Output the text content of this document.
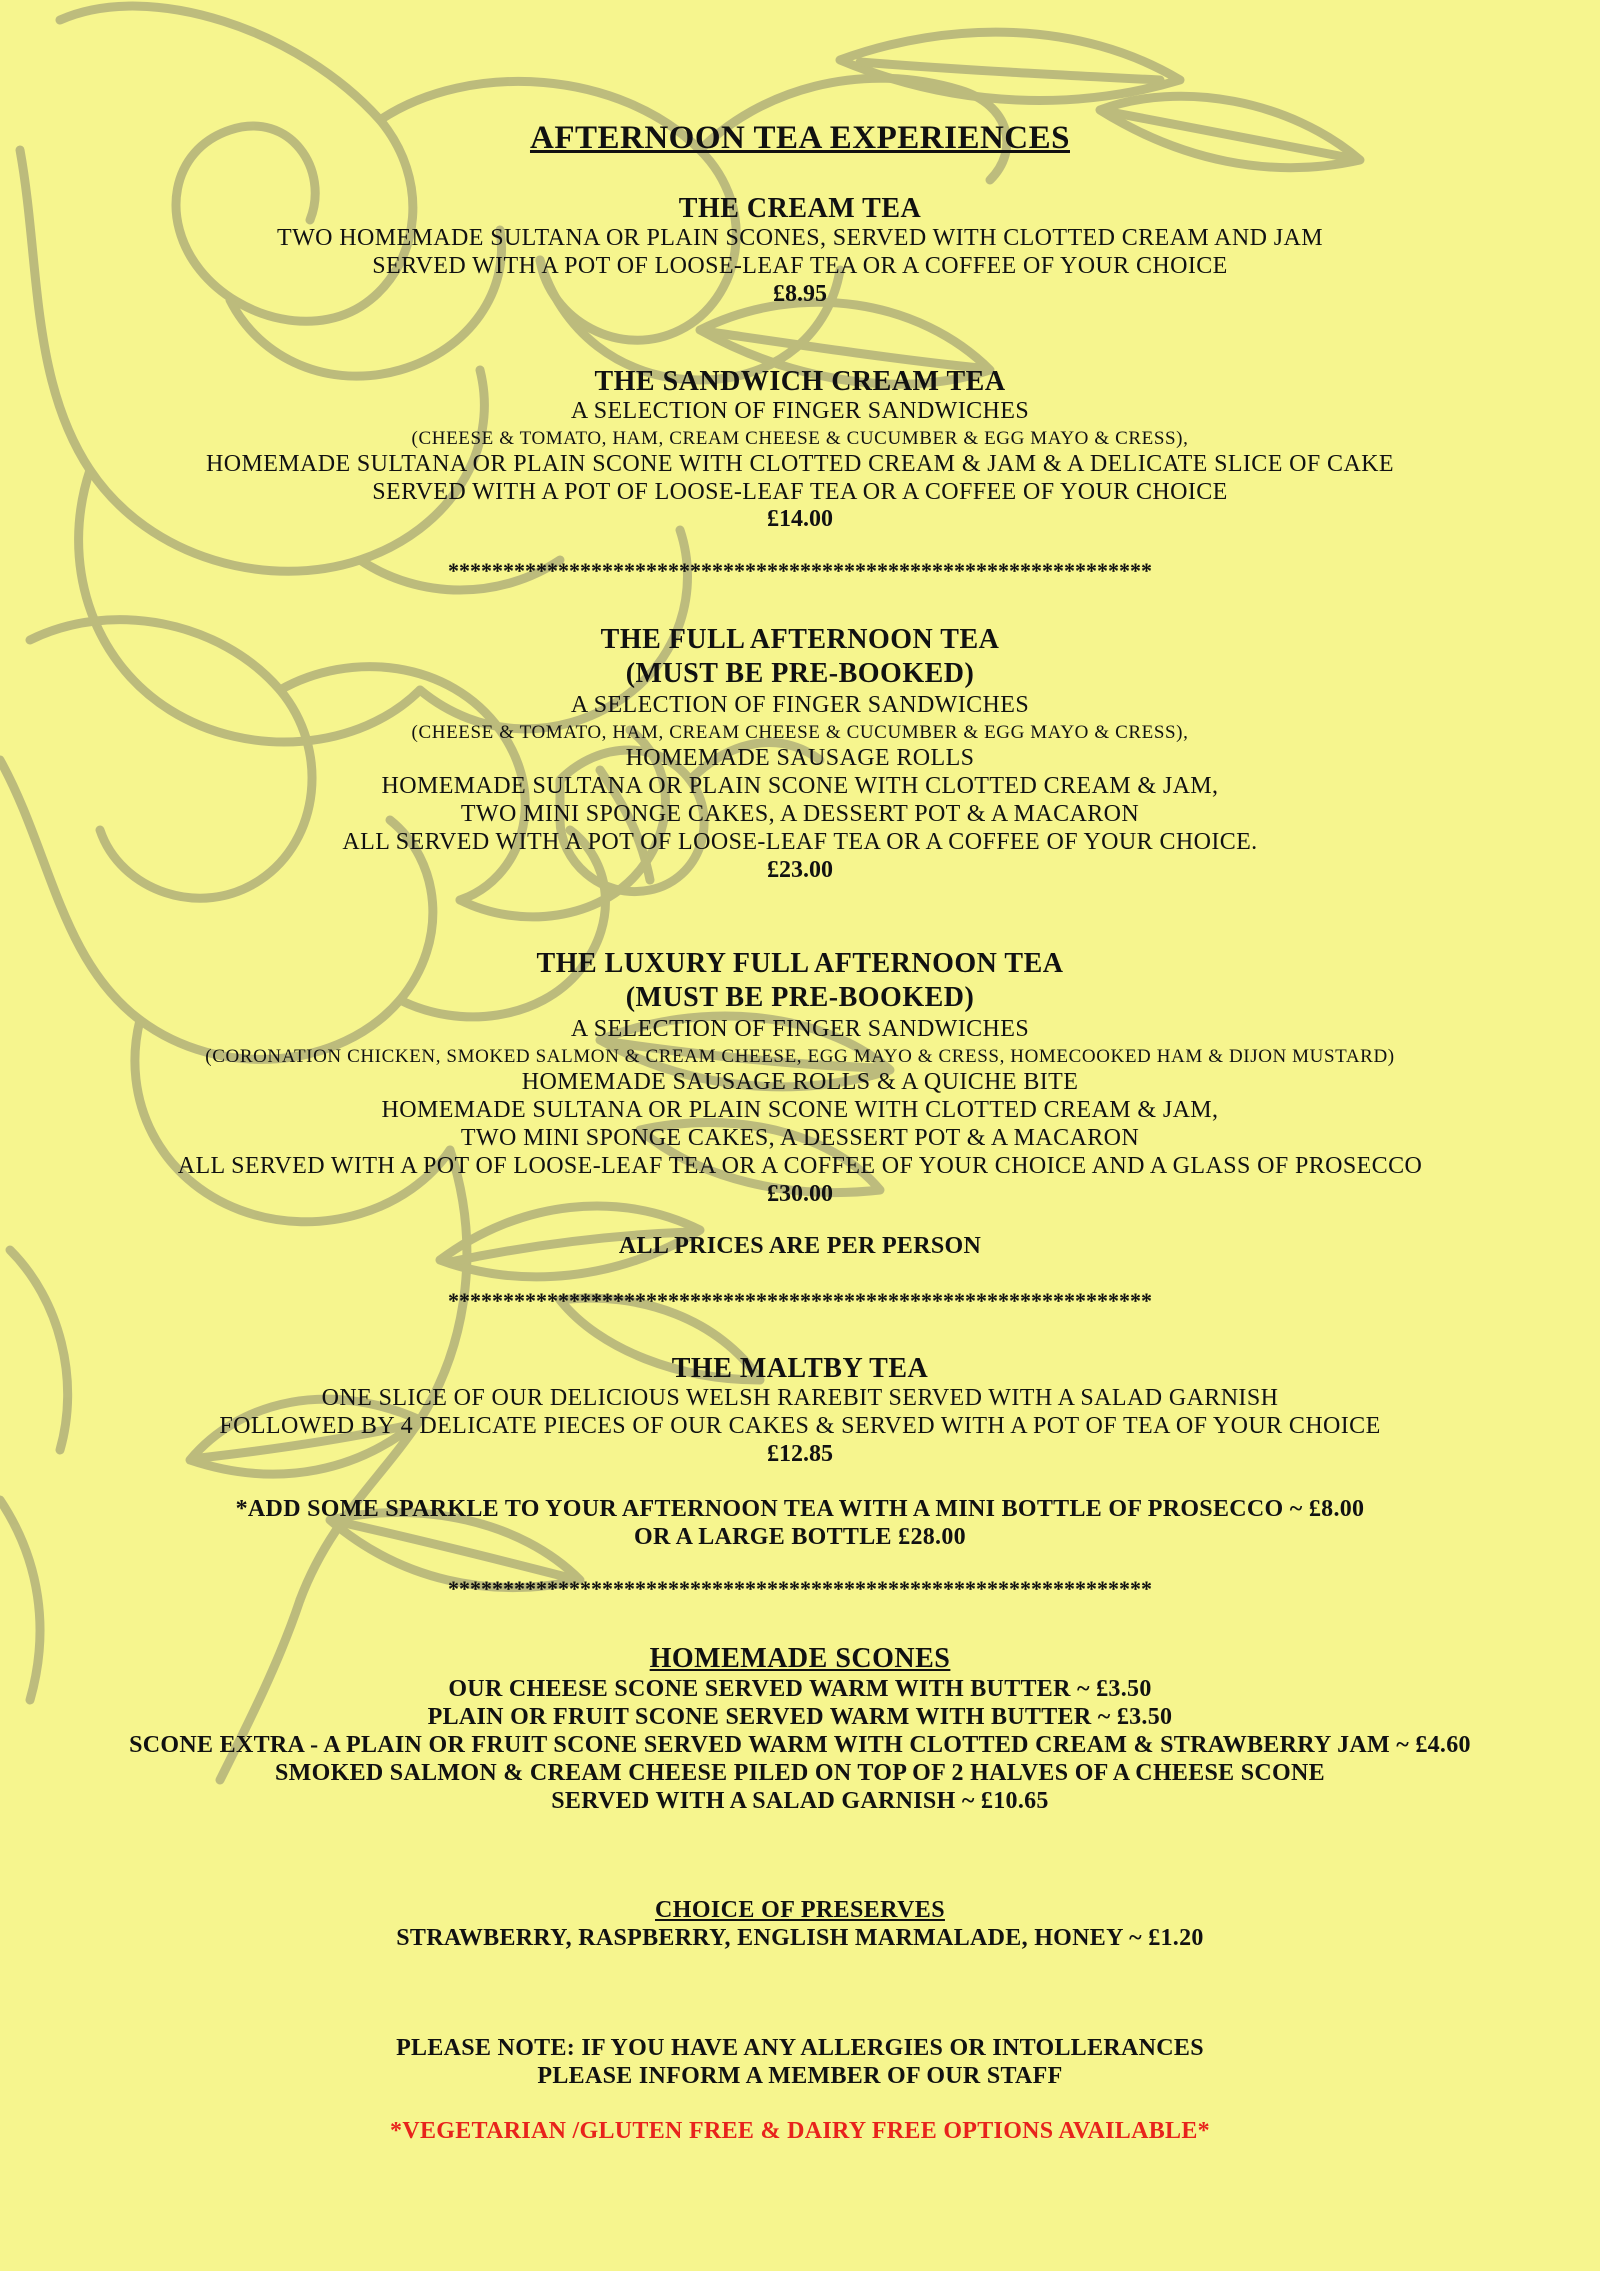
AFTERNOON TEA EXPERIENCES
THE CREAM TEA
TWO HOMEMADE SULTANA OR PLAIN SCONES, SERVED WITH CLOTTED CREAM AND JAM
SERVED WITH A POT OF LOOSE-LEAF TEA OR A COFFEE OF YOUR CHOICE
£8.95
THE SANDWICH CREAM TEA
A SELECTION OF FINGER SANDWICHES
(CHEESE & TOMATO, HAM, CREAM CHEESE & CUCUMBER & EGG MAYO & CRESS),
HOMEMADE SULTANA OR PLAIN SCONE WITH CLOTTED CREAM & JAM & A DELICATE SLICE OF CAKE
SERVED WITH A POT OF LOOSE-LEAF TEA OR A COFFEE OF YOUR CHOICE
£14.00
****************************************************************
THE FULL AFTERNOON TEA
(MUST BE PRE-BOOKED)
A SELECTION OF FINGER SANDWICHES
(CHEESE & TOMATO, HAM, CREAM CHEESE & CUCUMBER & EGG MAYO & CRESS),
HOMEMADE SAUSAGE ROLLS
HOMEMADE SULTANA OR PLAIN SCONE WITH CLOTTED CREAM & JAM,
TWO MINI SPONGE CAKES, A DESSERT POT & A MACARON
ALL SERVED WITH A POT OF LOOSE-LEAF TEA OR A COFFEE OF YOUR CHOICE.
£23.00
THE LUXURY FULL AFTERNOON TEA
(MUST BE PRE-BOOKED)
A SELECTION OF FINGER SANDWICHES
(CORONATION CHICKEN, SMOKED SALMON & CREAM CHEESE, EGG MAYO & CRESS, HOMECOOKED HAM & DIJON MUSTARD)
HOMEMADE SAUSAGE ROLLS & A QUICHE BITE
HOMEMADE SULTANA OR PLAIN SCONE WITH CLOTTED CREAM & JAM,
TWO MINI SPONGE CAKES, A DESSERT POT & A MACARON
ALL SERVED WITH A POT OF LOOSE-LEAF TEA OR A COFFEE OF YOUR CHOICE AND A GLASS OF PROSECCO
£30.00
ALL PRICES ARE PER PERSON
****************************************************************
THE MALTBY TEA
ONE SLICE OF OUR DELICIOUS WELSH RAREBIT SERVED WITH A SALAD GARNISH
FOLLOWED BY 4 DELICATE PIECES OF OUR CAKES & SERVED WITH A POT OF TEA OF YOUR CHOICE
£12.85
*ADD SOME SPARKLE TO YOUR AFTERNOON TEA WITH A MINI BOTTLE OF PROSECCO ~ £8.00
OR A LARGE BOTTLE £28.00
****************************************************************
HOMEMADE SCONES
OUR CHEESE SCONE SERVED WARM WITH BUTTER ~ £3.50
PLAIN OR FRUIT SCONE SERVED WARM WITH BUTTER ~ £3.50
SCONE EXTRA - A PLAIN OR FRUIT SCONE SERVED WARM WITH CLOTTED CREAM & STRAWBERRY JAM ~ £4.60
SMOKED SALMON & CREAM CHEESE PILED ON TOP OF 2 HALVES OF A CHEESE SCONE
SERVED WITH A SALAD GARNISH ~ £10.65
CHOICE OF PRESERVES
STRAWBERRY, RASPBERRY, ENGLISH MARMALADE, HONEY ~ £1.20
PLEASE NOTE: IF YOU HAVE ANY ALLERGIES OR INTOLLERANCES
PLEASE INFORM A MEMBER OF OUR STAFF
*VEGETARIAN /GLUTEN FREE & DAIRY FREE OPTIONS AVAILABLE*
